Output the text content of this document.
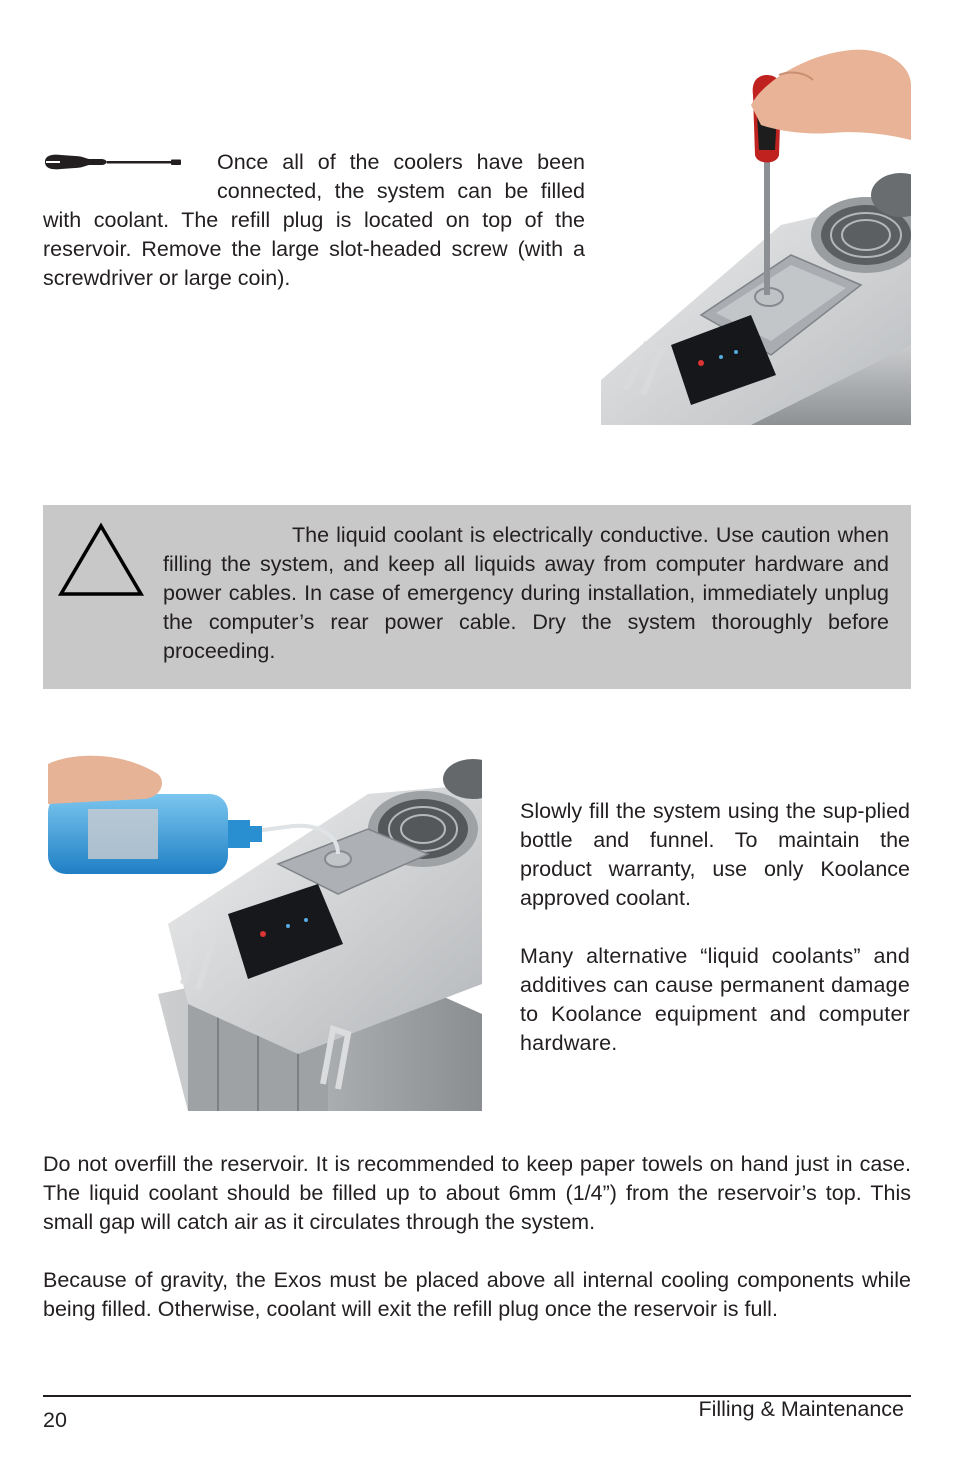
Once all of the coolers have been connected, the system can be filled with coolant. The refill plug is located on top of the reservoir. Remove the large slot-headed screw (with a screwdriver or large coin).

The liquid coolant is electrically conductive. Use caution when filling the system, and keep all liquids away from computer hardware and power cables. In case of emergency during installation, immediately unplug the computer’s rear power cable. Dry the system thoroughly before proceeding.

Slowly fill the system using the sup-plied bottle and funnel. To maintain the product warranty, use only Koolance approved coolant.

Many alternative “liquid coolants” and additives can cause permanent damage to Koolance equipment and computer hardware.

Do not overfill the reservoir. It is recommended to keep paper towels on hand just in case. The liquid coolant should be filled up to about 6mm (1/4”) from the reservoir’s top. This small gap will catch air as it circulates through the system.

Because of gravity, the Exos must be placed above all internal cooling components while being filled. Otherwise, coolant will exit the refill plug once the reservoir is full.

20	Filling & Maintenance
